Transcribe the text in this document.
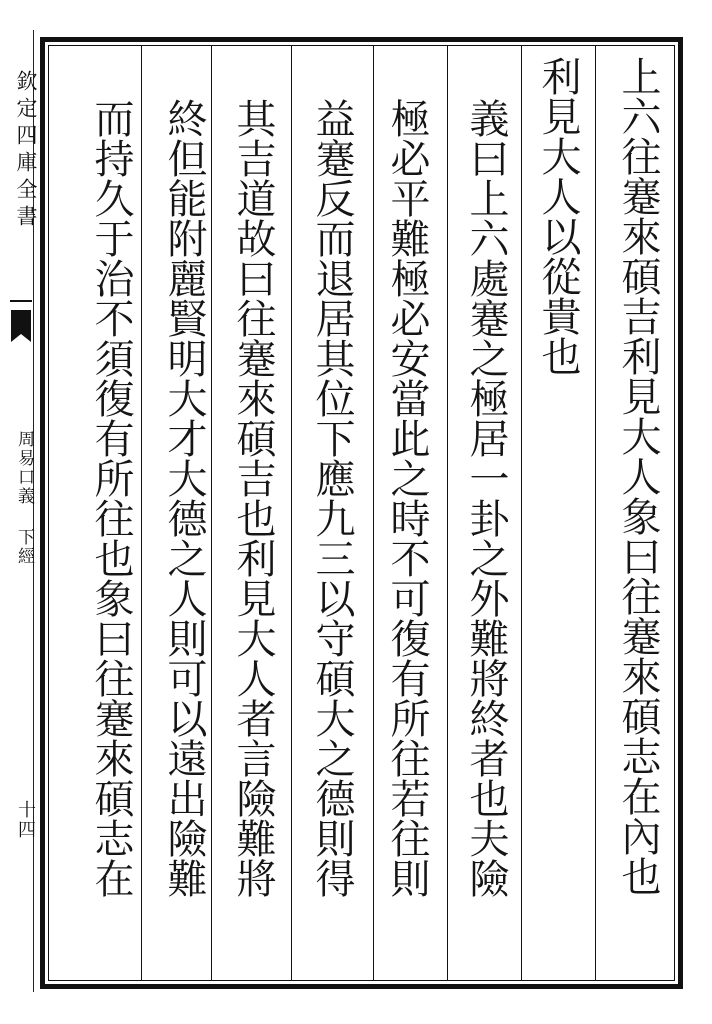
欽定四庫全書
周易口義 下經
十四	上六往蹇來碩吉利見大人象曰往蹇來碩志在內也
利見大人以從貴也
義曰上六處蹇之極居一卦之外難將終者也夫險
極必平難極必安當此之時不可復有所往若往則
益蹇反而退居其位下應九三以守碩大之德則得
其吉道故曰往蹇來碩吉也利見大人者言險難將
終但能附麗賢明大才大德之人則可以遠出險難
而持久于治不須復有所往也象曰往蹇來碩志在
